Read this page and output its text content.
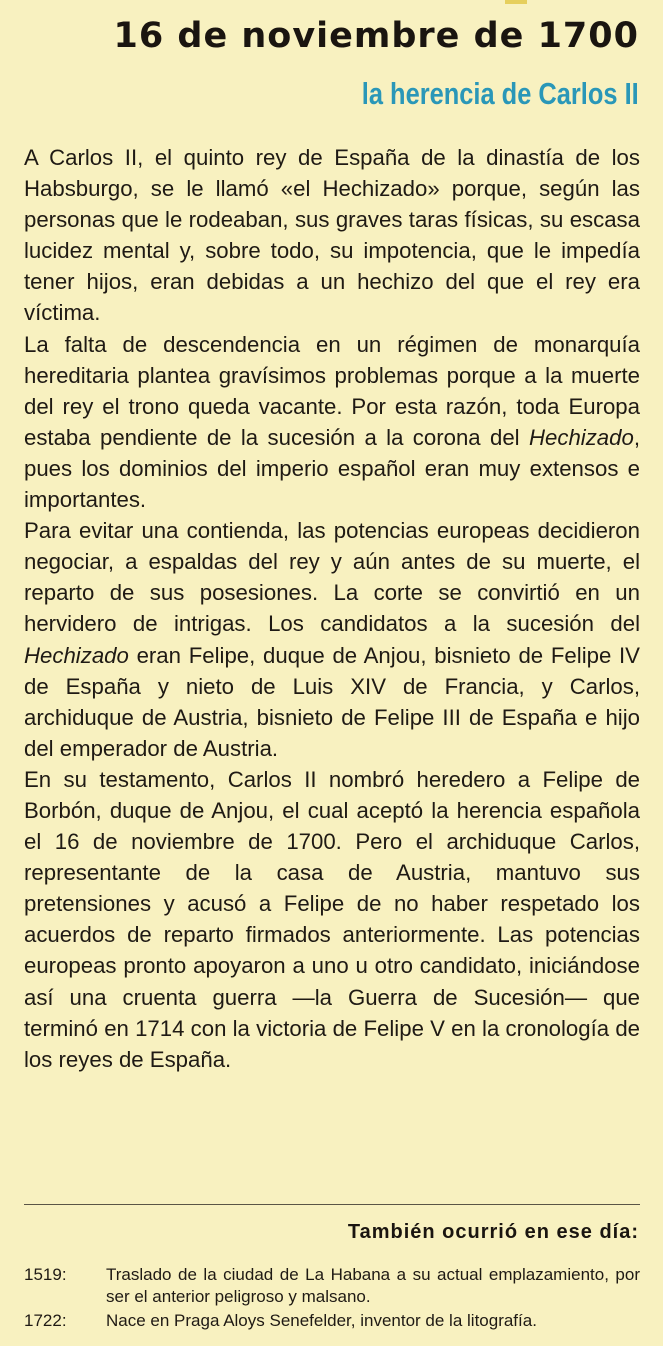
16 de noviembre de 1700
la herencia de Carlos II

A Carlos II, el quinto rey de España de la dinastía de los Habsburgo, se le llamó «el Hechizado» porque, según las personas que le rodeaban, sus graves taras físicas, su escasa lucidez mental y, sobre todo, su impotencia, que le impedía tener hijos, eran debidas a un hechizo del que el rey era víctima.

La falta de descendencia en un régimen de monarquía hereditaria plantea gravísimos problemas porque a la muerte del rey el trono queda vacante. Por esta razón, toda Europa estaba pendiente de la sucesión a la corona del Hechizado, pues los dominios del imperio español eran muy extensos e importantes.

Para evitar una contienda, las potencias europeas decidieron negociar, a espaldas del rey y aún antes de su muerte, el reparto de sus posesiones. La corte se convirtió en un hervidero de intrigas. Los candidatos a la sucesión del Hechizado eran Felipe, duque de Anjou, bisnieto de Felipe IV de España y nieto de Luis XIV de Francia, y Carlos, archiduque de Austria, bisnieto de Felipe III de España e hijo del emperador de Austria.

En su testamento, Carlos II nombró heredero a Felipe de Borbón, duque de Anjou, el cual aceptó la herencia española el 16 de noviembre de 1700. Pero el archiduque Carlos, representante de la casa de Austria, mantuvo sus pretensiones y acusó a Felipe de no haber respetado los acuerdos de reparto firmados anteriormente. Las potencias europeas pronto apoyaron a uno u otro candidato, iniciándose así una cruenta guerra —la Guerra de Sucesión— que terminó en 1714 con la victoria de Felipe V en la cronología de los reyes de España.

También ocurrió en ese día:
1519:	Traslado de la ciudad de La Habana a su actual emplazamiento, por ser el anterior peligroso y malsano.
1722:	Nace en Praga Aloys Senefelder, inventor de la litografía.
